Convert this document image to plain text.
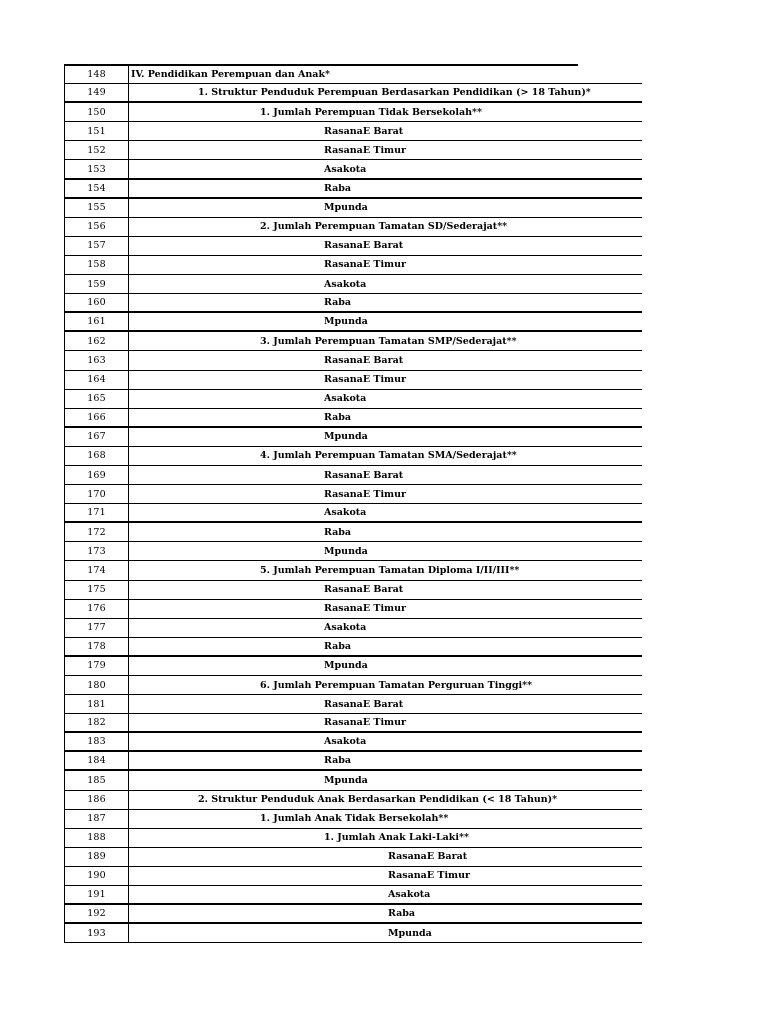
148	IV. Pendidikan Perempuan dan Anak*
149	1. Struktur Penduduk Perempuan Berdasarkan Pendidikan (> 18 Tahun)*
150	1. Jumlah Perempuan Tidak Bersekolah**
151	RasanaE Barat
152	RasanaE Timur
153	Asakota
154	Raba
155	Mpunda
156	2. Jumlah Perempuan Tamatan SD/Sederajat**
157	RasanaE Barat
158	RasanaE Timur
159	Asakota
160	Raba
161	Mpunda
162	3. Jumlah Perempuan Tamatan SMP/Sederajat**
163	RasanaE Barat
164	RasanaE Timur
165	Asakota
166	Raba
167	Mpunda
168	4. Jumlah Perempuan Tamatan SMA/Sederajat**
169	RasanaE Barat
170	RasanaE Timur
171	Asakota
172	Raba
173	Mpunda
174	5. Jumlah Perempuan Tamatan Diploma I/II/III**
175	RasanaE Barat
176	RasanaE Timur
177	Asakota
178	Raba
179	Mpunda
180	6. Jumlah Perempuan Tamatan Perguruan Tinggi**
181	RasanaE Barat
182	RasanaE Timur
183	Asakota
184	Raba
185	Mpunda
186	2. Struktur Penduduk Anak Berdasarkan Pendidikan (< 18 Tahun)*
187	1. Jumlah Anak Tidak Bersekolah**
188	1. Jumlah Anak Laki-Laki**
189	RasanaE Barat
190	RasanaE Timur
191	Asakota
192	Raba
193	Mpunda
